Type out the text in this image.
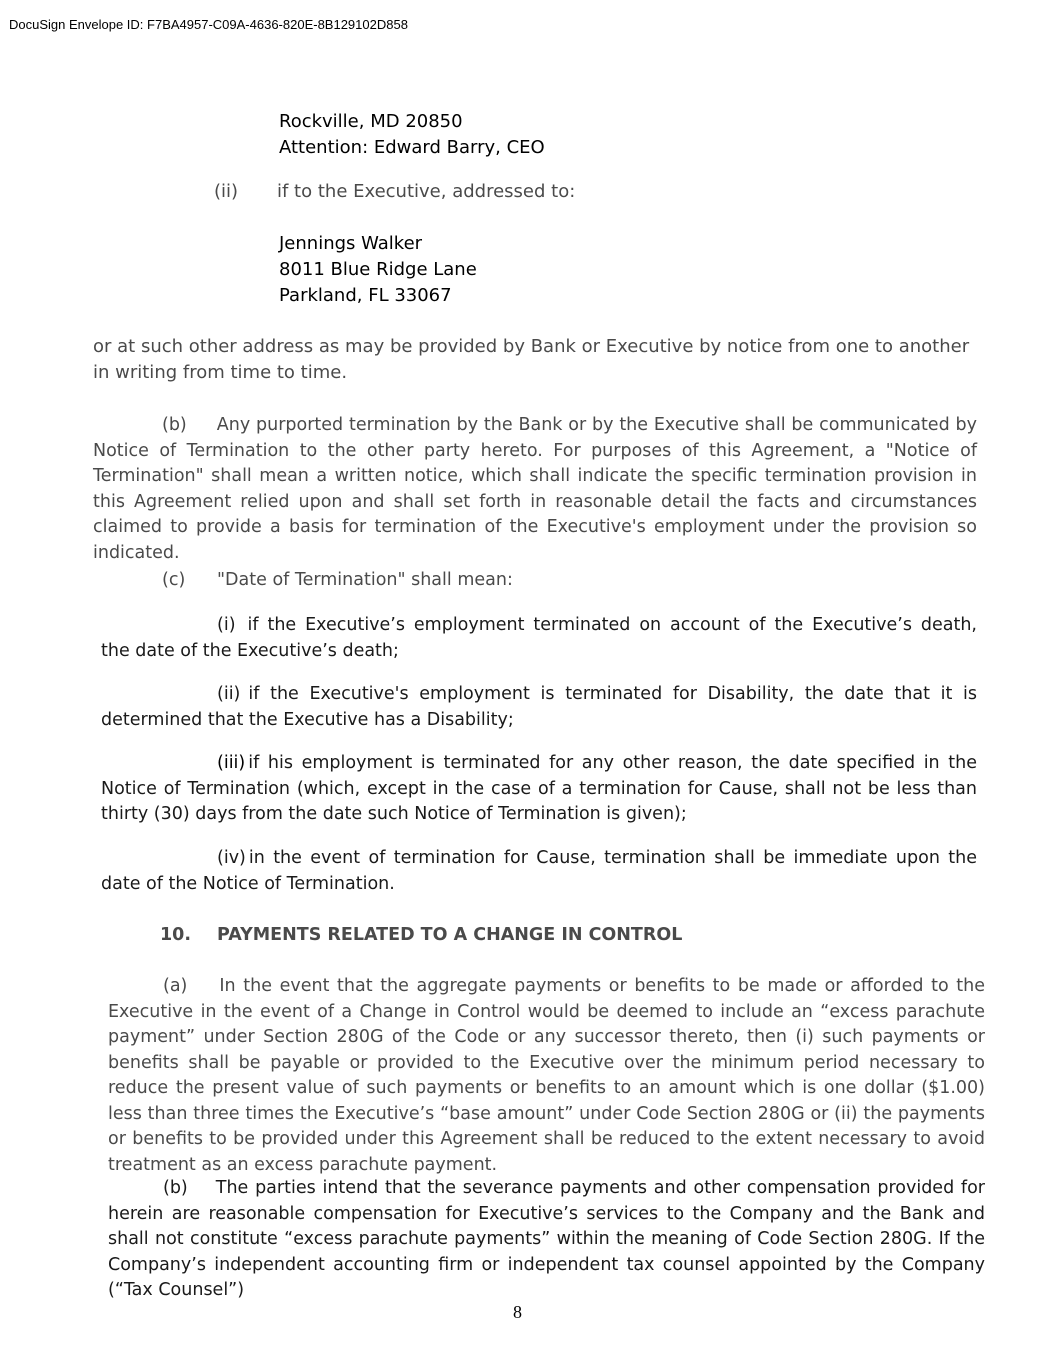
DocuSign Envelope ID: F7BA4957-C09A-4636-820E-8B129102D858
Rockville, MD 20850
Attention: Edward Barry, CEO
(ii) if to the Executive, addressed to:
Jennings Walker
8011 Blue Ridge Lane
Parkland, FL 33067
or at such other address as may be provided by Bank or Executive by notice from one to another in writing from time to time.
(b) Any purported termination by the Bank or by the Executive shall be communicated by Notice of Termination to the other party hereto. For purposes of this Agreement, a "Notice of Termination" shall mean a written notice, which shall indicate the specific termination provision in this Agreement relied upon and shall set forth in reasonable detail the facts and circumstances claimed to provide a basis for termination of the Executive's employment under the provision so indicated.
(c) "Date of Termination" shall mean:
(i) if the Executive’s employment terminated on account of the Executive’s death, the date of the Executive’s death;
(ii) if the Executive's employment is terminated for Disability, the date that it is determined that the Executive has a Disability;
(iii) if his employment is terminated for any other reason, the date specified in the Notice of Termination (which, except in the case of a termination for Cause, shall not be less than thirty (30) days from the date such Notice of Termination is given);
(iv) in the event of termination for Cause, termination shall be immediate upon the date of the Notice of Termination.
10. PAYMENTS RELATED TO A CHANGE IN CONTROL
(a) In the event that the aggregate payments or benefits to be made or afforded to the Executive in the event of a Change in Control would be deemed to include an “excess parachute payment” under Section 280G of the Code or any successor thereto, then (i) such payments or benefits shall be payable or provided to the Executive over the minimum period necessary to reduce the present value of such payments or benefits to an amount which is one dollar ($1.00) less than three times the Executive’s “base amount” under Code Section 280G or (ii) the payments or benefits to be provided under this Agreement shall be reduced to the extent necessary to avoid treatment as an excess parachute payment.
(b) The parties intend that the severance payments and other compensation provided for herein are reasonable compensation for Executive’s services to the Company and the Bank and shall not constitute “excess parachute payments” within the meaning of Code Section 280G. If the Company’s independent accounting firm or independent tax counsel appointed by the Company (“Tax Counsel”)
8
